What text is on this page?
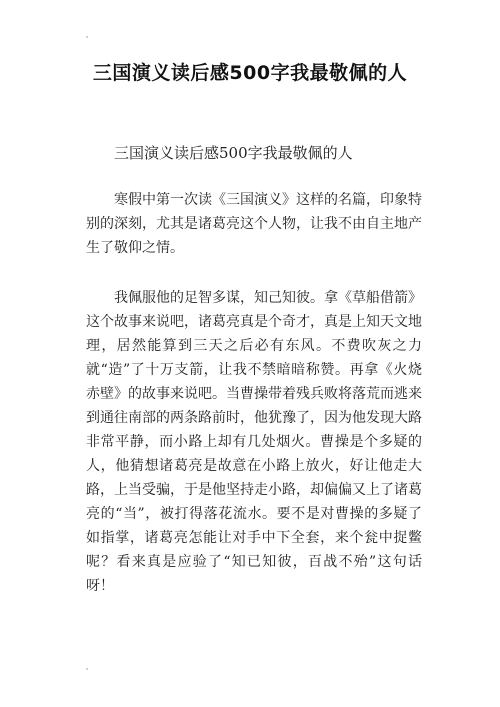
三国演义读后感500字我最敬佩的人

三国演义读后感500字我最敬佩的人

寒假中第一次读《三国演义》这样的名篇，印象特别的深刻，尤其是诸葛亮这个人物，让我不由自主地产生了敬仰之情。

我佩服他的足智多谋，知己知彼。拿《草船借箭》这个故事来说吧，诸葛亮真是个奇才，真是上知天文地理，居然能算到三天之后必有东风。不费吹灰之力就“造”了十万支箭，让我不禁暗暗称赞。再拿《火烧赤壁》的故事来说吧。当曹操带着残兵败将落荒而逃来到通往南部的两条路前时，他犹豫了，因为他发现大路非常平静，而小路上却有几处烟火。曹操是个多疑的人，他猜想诸葛亮是故意在小路上放火，好让他走大路，上当受骗，于是他坚持走小路，却偏偏又上了诸葛亮的“当”，被打得落花流水。要不是对曹操的多疑了如指掌，诸葛亮怎能让对手中下全套，来个瓮中捉鳖呢？看来真是应验了“知已知彼，百战不殆”这句话呀！
